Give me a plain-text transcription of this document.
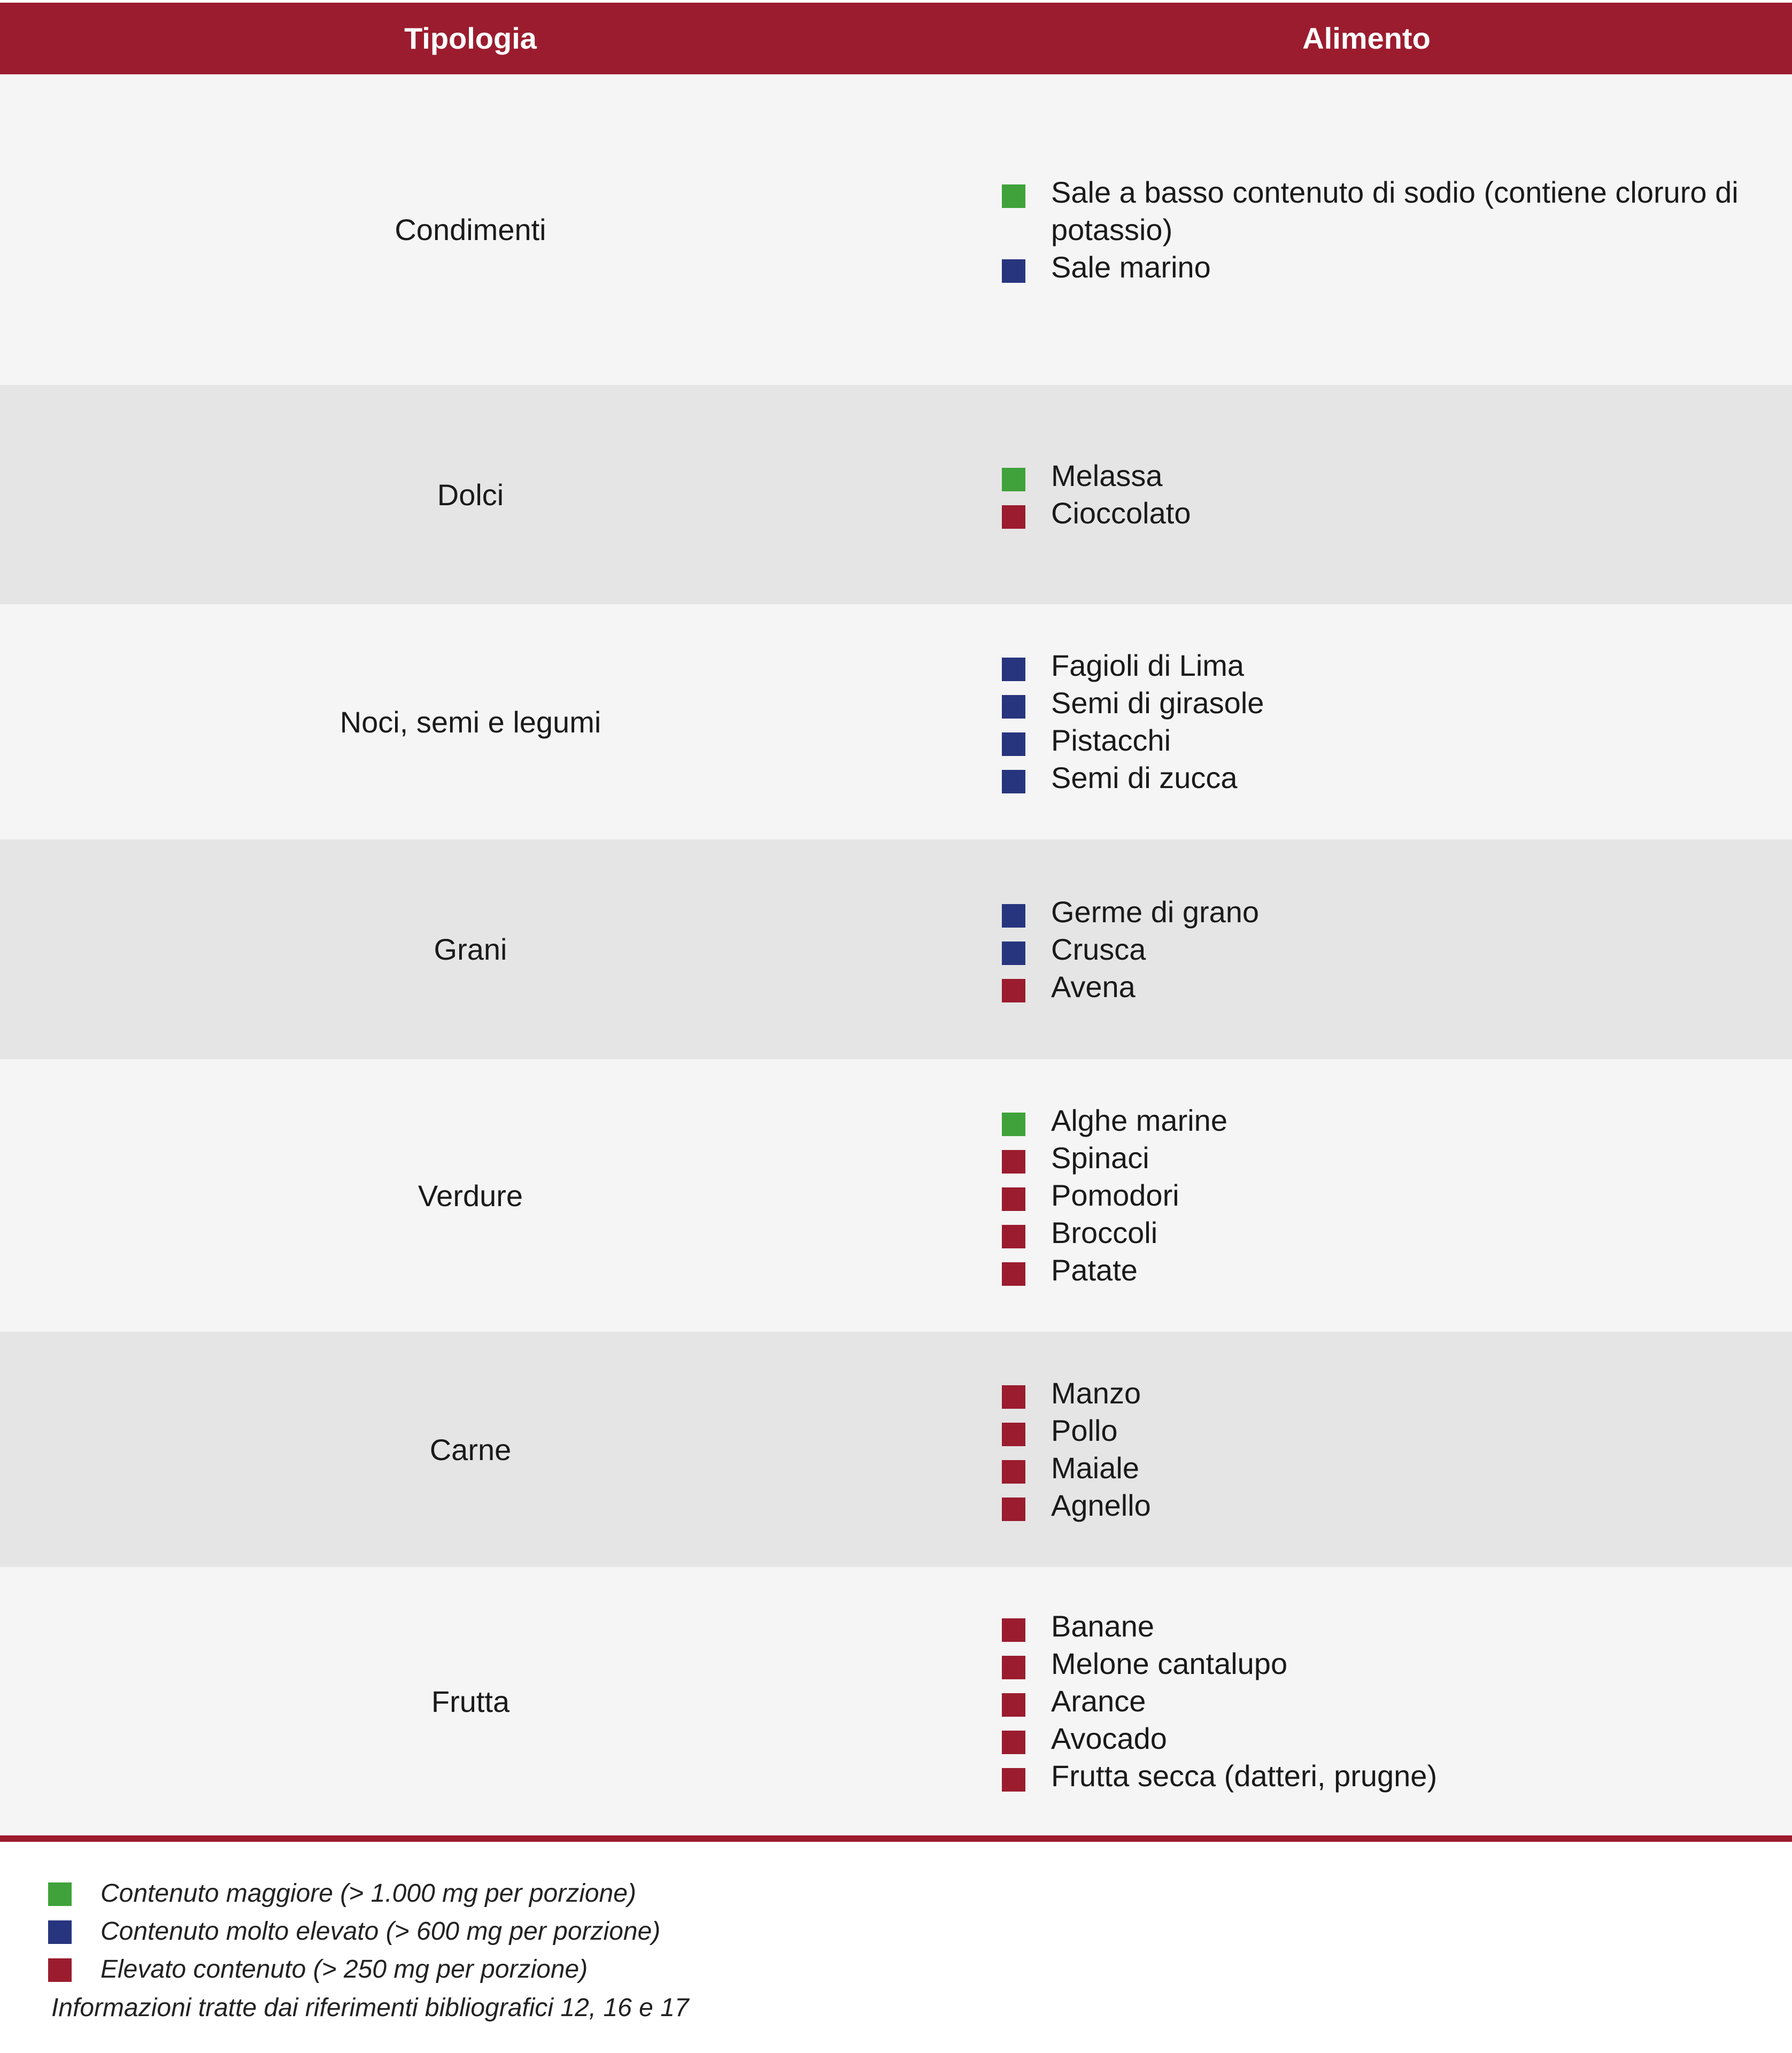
Tipologia	Alimento
Condimenti
Sale a basso contenuto di sodio (contiene cloruro di potassio)
Sale marino
Dolci
Melassa
Cioccolato
Noci, semi e legumi
Fagioli di Lima
Semi di girasole
Pistacchi
Semi di zucca
Grani
Germe di grano
Crusca
Avena
Verdure
Alghe marine
Spinaci
Pomodori
Broccoli
Patate
Carne
Manzo
Pollo
Maiale
Agnello
Frutta
Banane
Melone cantalupo
Arance
Avocado
Frutta secca (datteri, prugne)
Contenuto maggiore (> 1.000 mg per porzione)
Contenuto molto elevato (> 600 mg per porzione)
Elevato contenuto (> 250 mg per porzione)
Informazioni tratte dai riferimenti bibliografici 12, 16 e 17
